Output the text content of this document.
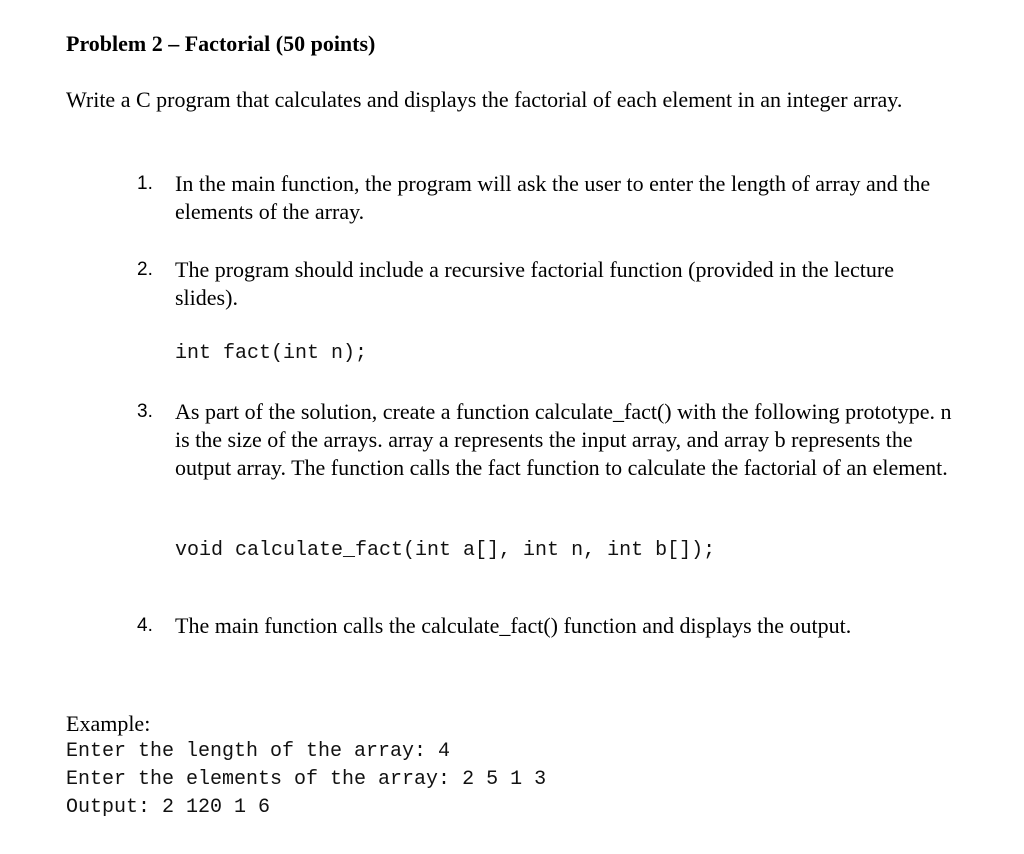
Problem 2 – Factorial (50 points)

Write a C program that calculates and displays the factorial of each element in an integer array.

1.	In the main function, the program will ask the user to enter the length of array and the elements of the array.
2.	The program should include a recursive factorial function (provided in the lecture slides).
int fact(int n);
3.	As part of the solution, create a function calculate_fact() with the following prototype. n is the size of the arrays. array a represents the input array, and array b represents the output array. The function calls the fact function to calculate the factorial of an element.
void calculate_fact(int a[], int n, int b[]);
4.	The main function calls the calculate_fact() function and displays the output.

Example:

Enter the length of the array: 4
Enter the elements of the array: 2 5 1 3
Output: 2 120 1 6
